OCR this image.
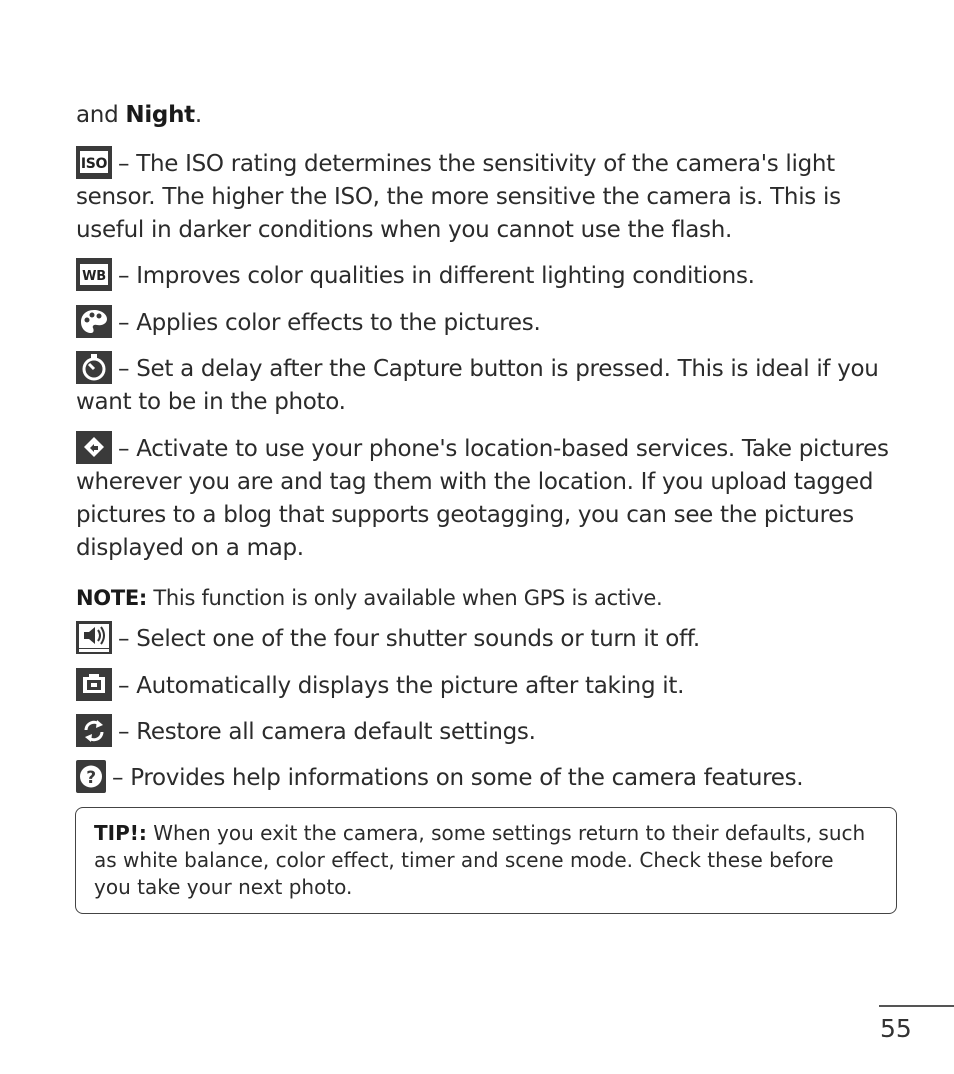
and Night.

ISO – The ISO rating determines the sensitivity of the camera's light sensor. The higher the ISO, the more sensitive the camera is. This is useful in darker conditions when you cannot use the flash.

WB – Improves color qualities in different lighting conditions.

– Applies color effects to the pictures.

– Set a delay after the Capture button is pressed. This is ideal if you want to be in the photo.

– Activate to use your phone's location-based services. Take pictures wherever you are and tag them with the location. If you upload tagged pictures to a blog that supports geotagging, you can see the pictures displayed on a map.

NOTE: This function is only available when GPS is active.

– Select one of the four shutter sounds or turn it off.

– Automatically displays the picture after taking it.

– Restore all camera default settings.

? – Provides help informations on some of the camera features.

TIP!: When you exit the camera, some settings return to their defaults, such as white balance, color effect, timer and scene mode. Check these before you take your next photo.

55
